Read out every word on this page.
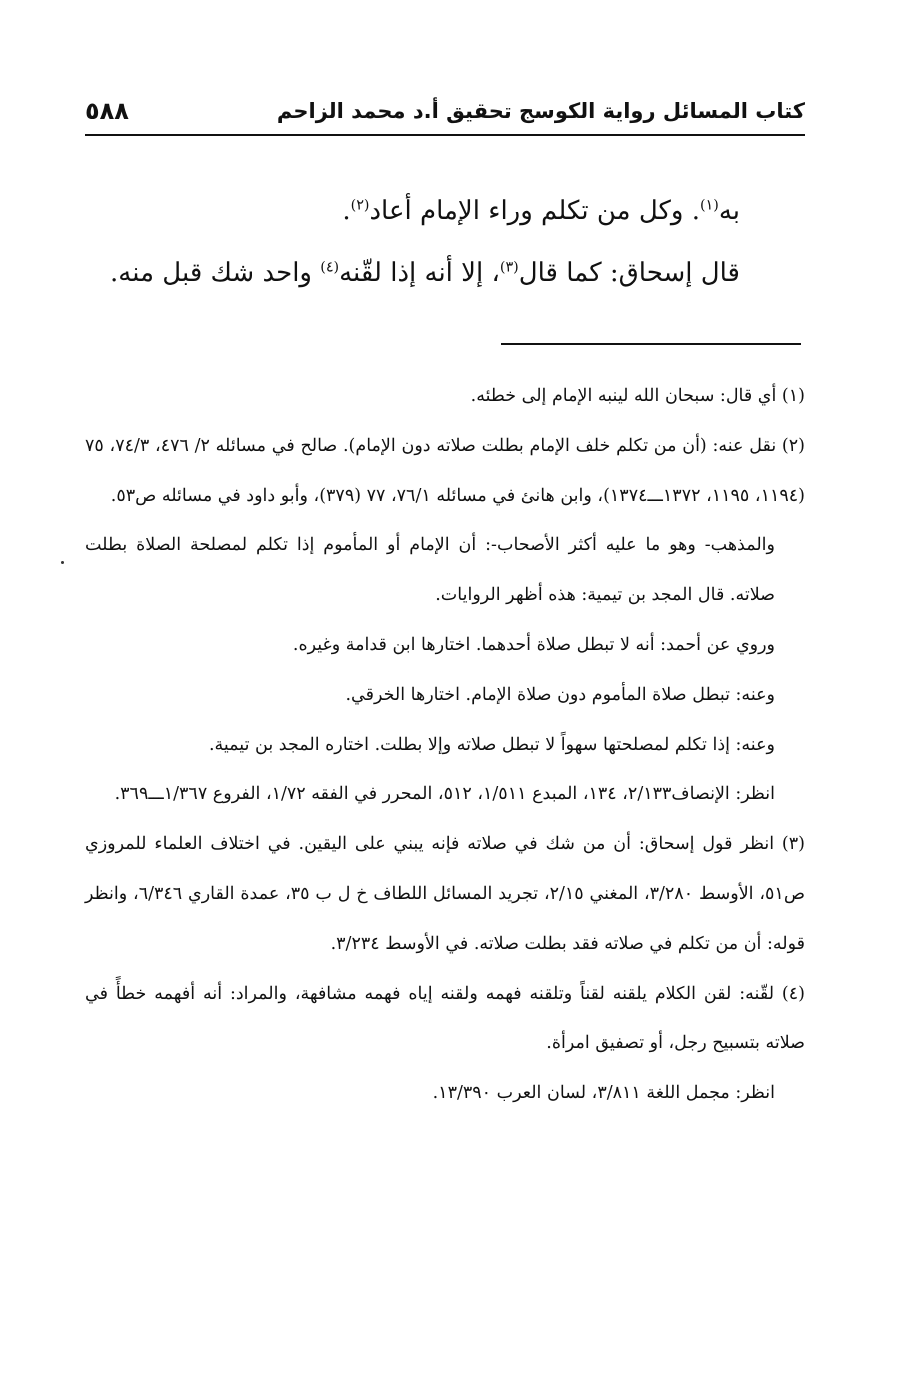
كتاب المسائل رواية الكوسج تحقيق أ.د محمد الزاحم
٥٨٨

به$^{(١)}$. وكل من تكلم وراء الإمام أعاد$^{(٢)}$.

قال إسحاق: كما قال$^{(٣)}$، إلا أنه إذا لقّنه$^{(٤)}$ واحد شك قبل منه.

(١) أي قال: سبحان الله لينبه الإمام إلى خطئه.

(٢) نقل عنه: (أن من تكلم خلف الإمام بطلت صلاته دون الإمام). صالح في مسائله ٢/ ٤٧٦، ٧٤/٣، ٧٥ (١١٩٤، ١١٩٥، ١٣٧٢ـــ١٣٧٤)، وابن هانئ في مسائله ٧٦/١، ٧٧ (٣٧٩)، وأبو داود في مسائله ص٥٣.

والمذهب- وهو ما عليه أكثر الأصحاب-: أن الإمام أو المأموم إذا تكلم لمصلحة الصلاة بطلت صلاته. قال المجد بن تيمية: هذه أظهر الروايات.

وروي عن أحمد: أنه لا تبطل صلاة أحدهما. اختارها ابن قدامة وغيره.

وعنه: تبطل صلاة المأموم دون صلاة الإمام. اختارها الخرقي.

وعنه: إذا تكلم لمصلحتها سهواً لا تبطل صلاته وإلا بطلت. اختاره المجد بن تيمية.

انظر: الإنصاف٢/١٣٣، ١٣٤، المبدع ١/٥١١، ٥١٢، المحرر في الفقه ١/٧٢، الفروع ١/٣٦٧ـــ٣٦٩.

(٣) انظر قول إسحاق: أن من شك في صلاته فإنه يبني على اليقين. في اختلاف العلماء للمروزي ص٥١، الأوسط ٣/٢٨٠، المغني ٢/١٥، تجريد المسائل اللطاف خ ل ب ٣٥، عمدة القاري ٦/٣٤٦، وانظر قوله: أن من تكلم في صلاته فقد بطلت صلاته. في الأوسط ٣/٢٣٤.

(٤) لقّنه: لقن الكلام يلقنه لقناً وتلقنه فهمه ولقنه إياه فهمه مشافهة، والمراد: أنه أفهمه خطأً في صلاته بتسبيح رجل، أو تصفيق امرأة.

انظر: مجمل اللغة ٣/٨١١، لسان العرب ١٣/٣٩٠.
